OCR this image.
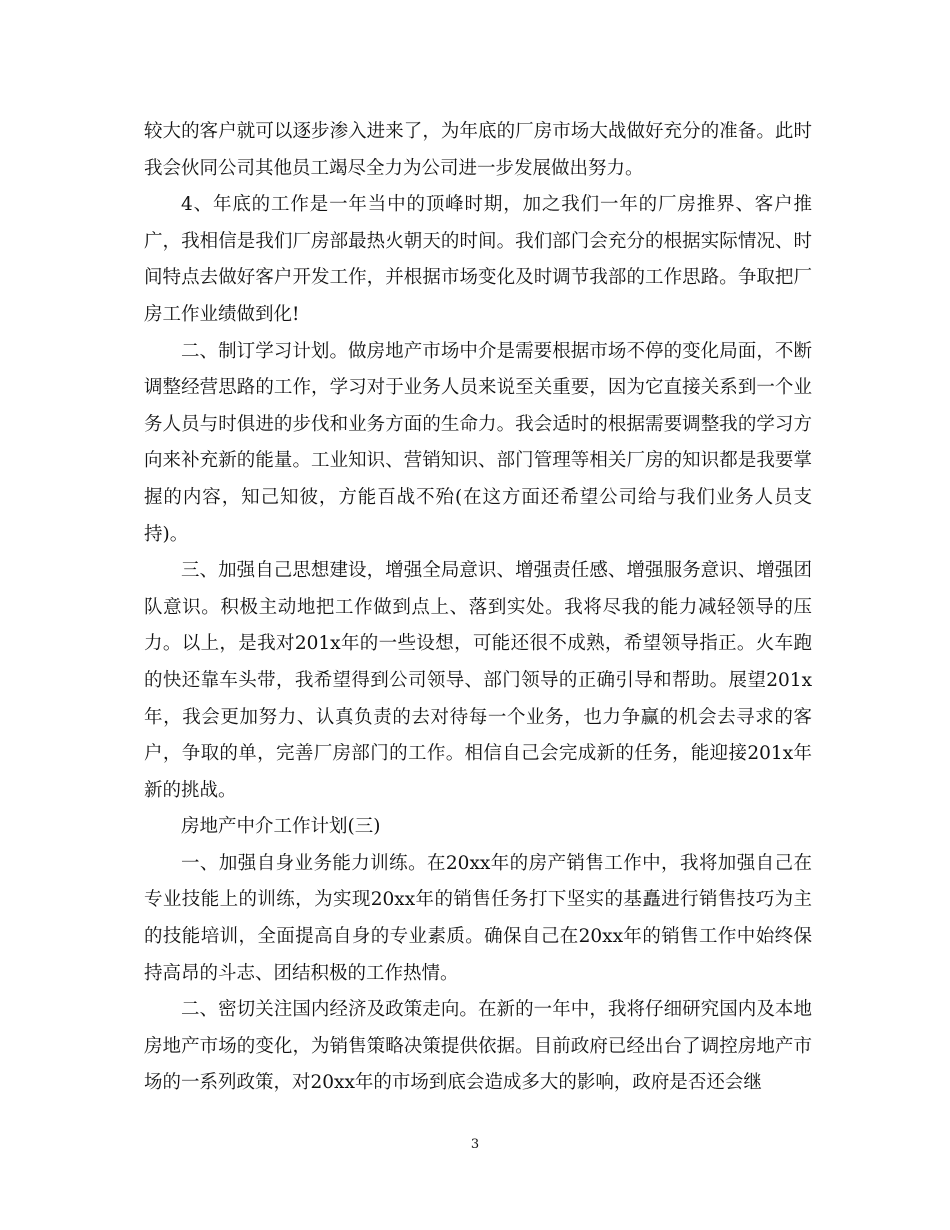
较大的客户就可以逐步渗入进来了，为年底的厂房市场大战做好充分的准备。此时我会伙同公司其他员工竭尽全力为公司进一步发展做出努力。

4、年底的工作是一年当中的顶峰时期，加之我们一年的厂房推界、客户推广，我相信是我们厂房部最热火朝天的时间。我们部门会充分的根据实际情况、时间特点去做好客户开发工作，并根据市场变化及时调节我部的工作思路。争取把厂房工作业绩做到化!

二、制订学习计划。做房地产市场中介是需要根据市场不停的变化局面，不断调整经营思路的工作，学习对于业务人员来说至关重要，因为它直接关系到一个业务人员与时俱进的步伐和业务方面的生命力。我会适时的根据需要调整我的学习方向来补充新的能量。工业知识、营销知识、部门管理等相关厂房的知识都是我要掌握的内容，知己知彼，方能百战不殆(在这方面还希望公司给与我们业务人员支持)。

三、加强自己思想建设，增强全局意识、增强责任感、增强服务意识、增强团队意识。积极主动地把工作做到点上、落到实处。我将尽我的能力减轻领导的压力。以上，是我对201x年的一些设想，可能还很不成熟，希望领导指正。火车跑的快还靠车头带，我希望得到公司领导、部门领导的正确引导和帮助。展望201x年，我会更加努力、认真负责的去对待每一个业务，也力争赢的机会去寻求的客户，争取的单，完善厂房部门的工作。相信自己会完成新的任务，能迎接201x年新的挑战。

房地产中介工作计划(三)

一、加强自身业务能力训练。在20xx年的房产销售工作中，我将加强自己在专业技能上的训练，为实现20xx年的销售任务打下坚实的基矗进行销售技巧为主的技能培训，全面提高自身的专业素质。确保自己在20xx年的销售工作中始终保持高昂的斗志、团结积极的工作热情。

二、密切关注国内经济及政策走向。在新的一年中，我将仔细研究国内及本地房地产市场的变化，为销售策略决策提供依据。目前政府已经出台了调控房地产市场的一系列政策，对20xx年的市场到底会造成多大的影响，政府是否还会继

3
